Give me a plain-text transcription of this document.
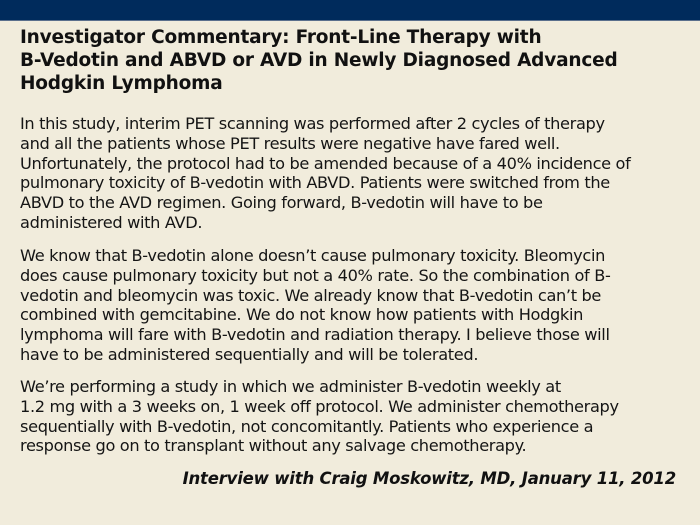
Investigator Commentary: Front-Line Therapy with
B-Vedotin and ABVD or AVD in Newly Diagnosed Advanced
Hodgkin Lymphoma
In this study, interim PET scanning was performed after 2 cycles of therapy
and all the patients whose PET results were negative have fared well.
Unfortunately, the protocol had to be amended because of a 40% incidence of
pulmonary toxicity of B-vedotin with ABVD. Patients were switched from the
ABVD to the AVD regimen. Going forward, B-vedotin will have to be
administered with AVD.
We know that B-vedotin alone doesn’t cause pulmonary toxicity. Bleomycin
does cause pulmonary toxicity but not a 40% rate. So the combination of B-
vedotin and bleomycin was toxic. We already know that B-vedotin can’t be
combined with gemcitabine. We do not know how patients with Hodgkin
lymphoma will fare with B-vedotin and radiation therapy. I believe those will
have to be administered sequentially and will be tolerated.
We’re performing a study in which we administer B-vedotin weekly at
1.2 mg with a 3 weeks on, 1 week off protocol. We administer chemotherapy
sequentially with B-vedotin, not concomitantly. Patients who experience a
response go on to transplant without any salvage chemotherapy.
Interview with Craig Moskowitz, MD, January 11, 2012
